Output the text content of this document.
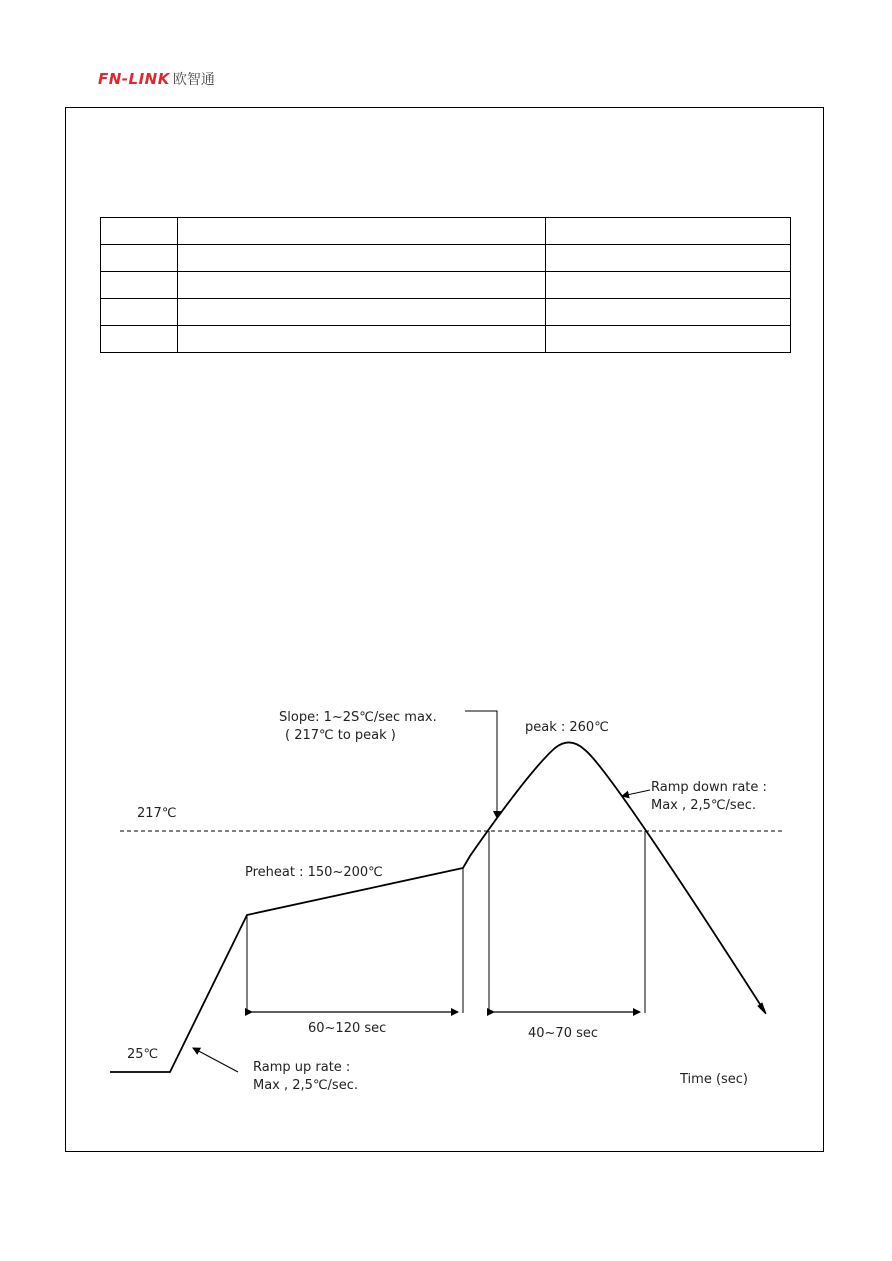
FN-LINK 欧智通

217℃
25℃
Slope: 1~2S℃/sec max.
( 217℃ to peak )
peak : 260℃
Ramp down rate :
Max , 2,5℃/sec.
Preheat : 150~200℃
60~120 sec	40~70 sec
Ramp up rate :
Max , 2,5℃/sec.	Time (sec)
